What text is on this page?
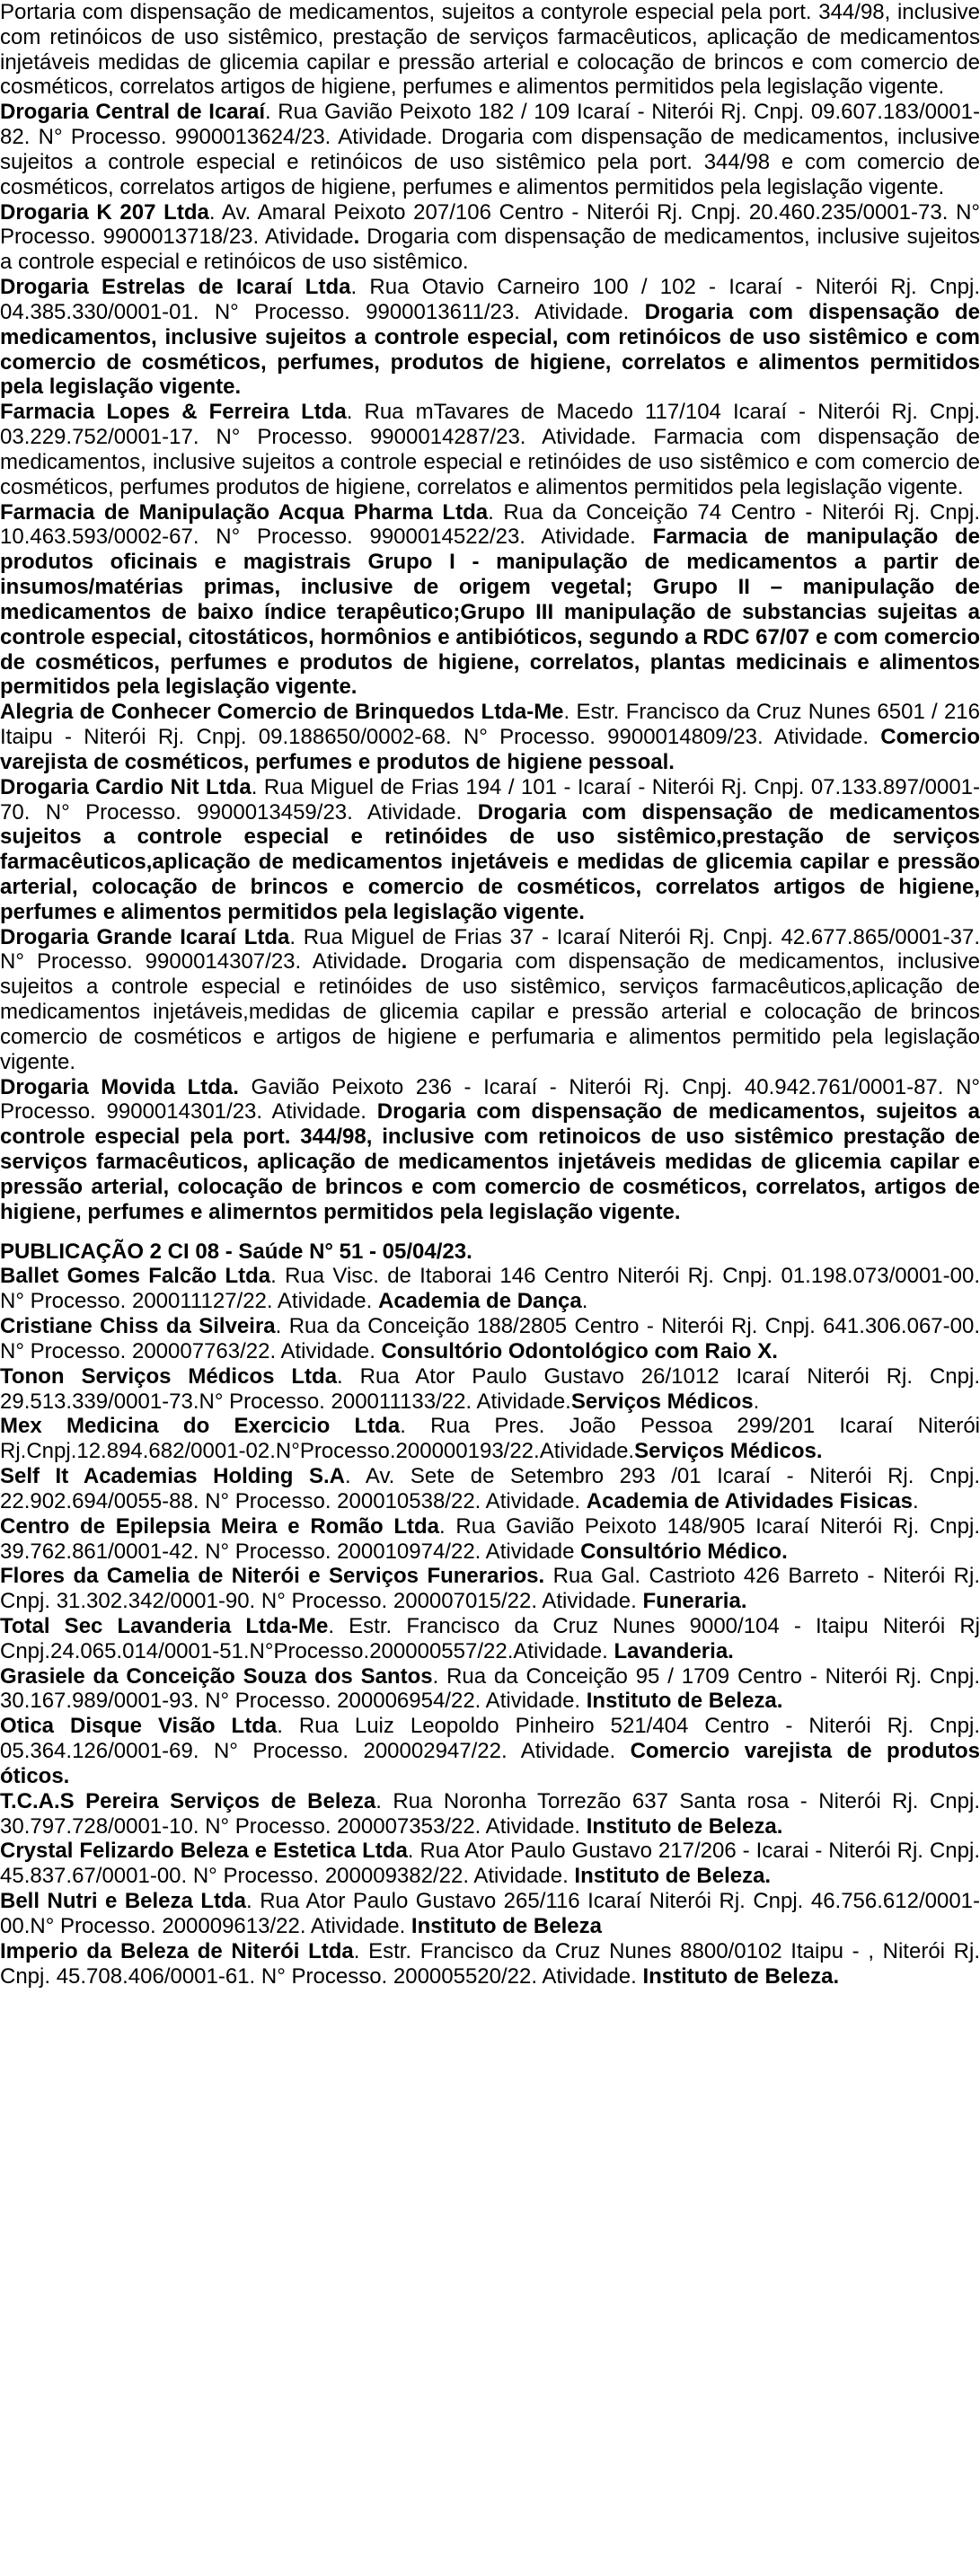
Portaria com dispensação de medicamentos, sujeitos a contyrole especial pela port. 344/98, inclusive com retinóicos de uso sistêmico, prestação de serviços farmacêuticos, aplicação de medicamentos injetáveis medidas de glicemia capilar e pressão arterial e colocação de brincos e com comercio de cosméticos, correlatos artigos de higiene, perfumes e alimentos permitidos pela legislação vigente.

Drogaria Central de Icaraí. Rua Gavião Peixoto 182 / 109 Icaraí - Niterói Rj. Cnpj. 09.607.183/0001-82. N° Processo. 9900013624/23. Atividade. Drogaria com dispensação de medicamentos, inclusive sujeitos a controle especial e retinóicos de uso sistêmico pela port. 344/98 e com comercio de cosméticos, correlatos artigos de higiene, perfumes e alimentos permitidos pela legislação vigente.

Drogaria K 207 Ltda. Av. Amaral Peixoto 207/106 Centro - Niterói Rj. Cnpj. 20.460.235/0001-73. N° Processo. 9900013718/23. Atividade. Drogaria com dispensação de medicamentos, inclusive sujeitos a controle especial e retinóicos de uso sistêmico.

Drogaria Estrelas de Icaraí Ltda. Rua Otavio Carneiro 100 / 102 - Icaraí - Niterói Rj. Cnpj. 04.385.330/0001-01. N° Processo. 9900013611/23. Atividade. Drogaria com dispensação de medicamentos, inclusive sujeitos a controle especial, com retinóicos de uso sistêmico e com comercio de cosméticos, perfumes, produtos de higiene, correlatos e alimentos permitidos pela legislação vigente.

Farmacia Lopes & Ferreira Ltda. Rua mTavares de Macedo 117/104 Icaraí - Niterói Rj. Cnpj. 03.229.752/0001-17. N° Processo. 9900014287/23. Atividade. Farmacia com dispensação de medicamentos, inclusive sujeitos a controle especial e retinóides de uso sistêmico e com comercio de cosméticos, perfumes produtos de higiene, correlatos e alimentos permitidos pela legislação vigente.

Farmacia de Manipulação Acqua Pharma Ltda. Rua da Conceição 74 Centro - Niterói Rj. Cnpj. 10.463.593/0002-67. N° Processo. 9900014522/23. Atividade. Farmacia de manipulação de produtos oficinais e magistrais Grupo I - manipulação de medicamentos a partir de insumos/matérias primas, inclusive de origem vegetal; Grupo II – manipulação de medicamentos de baixo índice terapêutico;Grupo III manipulação de substancias sujeitas a controle especial, citostáticos, hormônios e antibióticos, segundo a RDC 67/07 e com comercio de cosméticos, perfumes e produtos de higiene, correlatos, plantas medicinais e alimentos permitidos pela legislação vigente.

Alegria de Conhecer Comercio de Brinquedos Ltda-Me. Estr. Francisco da Cruz Nunes 6501 / 216 Itaipu - Niterói Rj. Cnpj. 09.188650/0002-68. N° Processo. 9900014809/23. Atividade. Comercio varejista de cosméticos, perfumes e produtos de higiene pessoal.

Drogaria Cardio Nit Ltda. Rua Miguel de Frias 194 / 101 - Icaraí - Niterói Rj. Cnpj. 07.133.897/0001-70. N° Processo. 9900013459/23. Atividade. Drogaria com dispensação de medicamentos sujeitos a controle especial e retinóides de uso sistêmico,prestação de serviços farmacêuticos,aplicação de medicamentos injetáveis e medidas de glicemia capilar e pressão arterial, colocação de brincos e comercio de cosméticos, correlatos artigos de higiene, perfumes e alimentos permitidos pela legislação vigente.

Drogaria Grande Icaraí Ltda. Rua Miguel de Frias 37 - Icaraí Niterói Rj. Cnpj. 42.677.865/0001-37. N° Processo. 9900014307/23. Atividade. Drogaria com dispensação de medicamentos, inclusive sujeitos a controle especial e retinóides de uso sistêmico, serviços farmacêuticos,aplicação de medicamentos injetáveis,medidas de glicemia capilar e pressão arterial e colocação de brincos comercio de cosméticos e artigos de higiene e perfumaria e alimentos permitido pela legislação vigente.

Drogaria Movida Ltda. Gavião Peixoto 236 - Icaraí - Niterói Rj. Cnpj. 40.942.761/0001-87. N° Processo. 9900014301/23. Atividade. Drogaria com dispensação de medicamentos, sujeitos a controle especial pela port. 344/98, inclusive com retinoicos de uso sistêmico prestação de serviços farmacêuticos, aplicação de medicamentos injetáveis medidas de glicemia capilar e pressão arterial, colocação de brincos e com comercio de cosméticos, correlatos, artigos de higiene, perfumes e alimerntos permitidos pela legislação vigente.

PUBLICAÇÃO 2 CI 08 - Saúde N° 51 - 05/04/23.

Ballet Gomes Falcão Ltda. Rua Visc. de Itaborai 146 Centro Niterói Rj. Cnpj. 01.198.073/0001-00. N° Processo. 200011127/22. Atividade. Academia de Dança.

Cristiane Chiss da Silveira. Rua da Conceição 188/2805 Centro - Niterói Rj. Cnpj. 641.306.067-00. N° Processo. 200007763/22. Atividade. Consultório Odontológico com Raio X.

Tonon Serviços Médicos Ltda. Rua Ator Paulo Gustavo 26/1012 Icaraí Niterói Rj. Cnpj. 29.513.339/0001-73.N° Processo. 200011133/22. Atividade.Serviços Médicos.

Mex Medicina do Exercicio Ltda. Rua Pres. João Pessoa 299/201 Icaraí Niterói Rj.Cnpj.12.894.682/0001-02.N°Processo.200000193/22.Atividade.Serviços Médicos.

Self It Academias Holding S.A. Av. Sete de Setembro 293 /01 Icaraí - Niterói Rj. Cnpj. 22.902.694/0055-88. N° Processo. 200010538/22. Atividade. Academia de Atividades Fisicas.

Centro de Epilepsia Meira e Romão Ltda. Rua Gavião Peixoto 148/905 Icaraí Niterói Rj. Cnpj. 39.762.861/0001-42. N° Processo. 200010974/22. Atividade Consultório Médico.

Flores da Camelia de Niterói e Serviços Funerarios. Rua Gal. Castrioto 426 Barreto - Niterói Rj. Cnpj. 31.302.342/0001-90. N° Processo. 200007015/22. Atividade. Funeraria.

Total Sec Lavanderia Ltda-Me. Estr. Francisco da Cruz Nunes 9000/104 - Itaipu Niterói Rj Cnpj.24.065.014/0001-51.N°Processo.200000557/22.Atividade. Lavanderia.

Grasiele da Conceição Souza dos Santos. Rua da Conceição 95 / 1709 Centro - Niterói Rj. Cnpj. 30.167.989/0001-93. N° Processo. 200006954/22. Atividade. Instituto de Beleza.

Otica Disque Visão Ltda. Rua Luiz Leopoldo Pinheiro 521/404 Centro - Niterói Rj. Cnpj. 05.364.126/0001-69. N° Processo. 200002947/22. Atividade. Comercio varejista de produtos óticos.

T.C.A.S Pereira Serviços de Beleza. Rua Noronha Torrezão 637 Santa rosa - Niterói Rj. Cnpj. 30.797.728/0001-10. N° Processo. 200007353/22. Atividade. Instituto de Beleza.

Crystal Felizardo Beleza e Estetica Ltda. Rua Ator Paulo Gustavo 217/206 - Icarai - Niterói Rj. Cnpj. 45.837.67/0001-00. N° Processo. 200009382/22. Atividade. Instituto de Beleza.

Bell Nutri e Beleza Ltda. Rua Ator Paulo Gustavo 265/116 Icaraí Niterói Rj. Cnpj. 46.756.612/0001-00.N° Processo. 200009613/22. Atividade. Instituto de Beleza

Imperio da Beleza de Niterói Ltda. Estr. Francisco da Cruz Nunes 8800/0102 Itaipu - , Niterói Rj. Cnpj. 45.708.406/0001-61. N° Processo. 200005520/22. Atividade. Instituto de Beleza.
